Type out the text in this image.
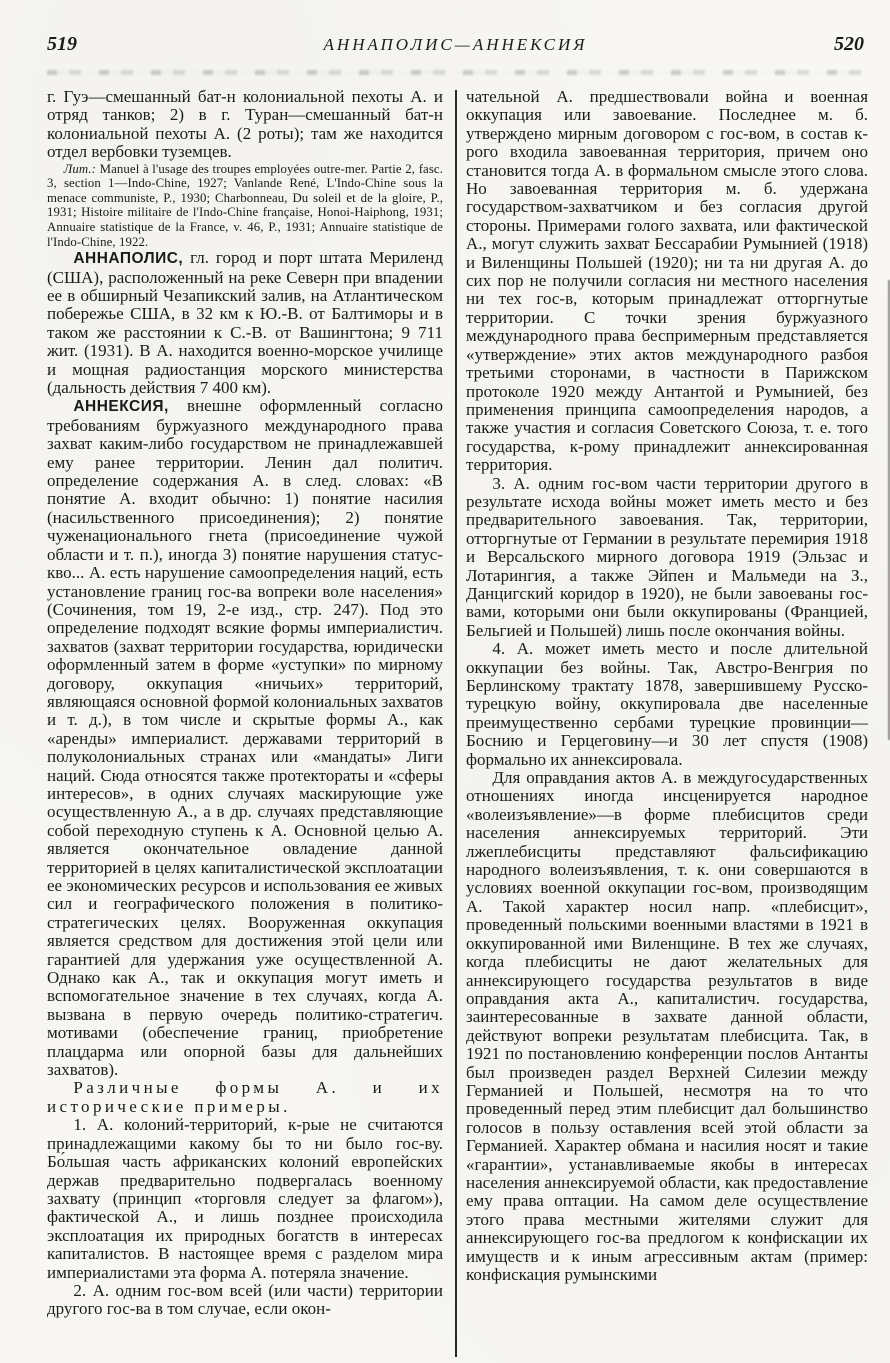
519	АННАПОЛИС—АННЕКСИЯ	520

г. Гуэ—смешанный бат-н колониальной пехоты А. и отряд танков; 2) в г. Туран—смешанный бат-н колониальной пехоты А. (2 роты); там же находится отдел вербовки туземцев.

Лит.: Manuel à l'usage des troupes employées outre-mer. Partie 2, fasc. 3, section 1—Indo-Chine, 1927; Vanlande René, L'Indo-Chine sous la menace communiste, P., 1930; Charbonneau, Du soleil et de la gloire, P., 1931; Histoire militaire de l'Indo-Chine française, Honoi-Haiphong, 1931; Annuaire statistique de la France, v. 46, P., 1931; Annuaire statistique de l'Indo-Chine, 1922.

АННАПОЛИС, гл. город и порт штата Мериленд (США), расположенный на реке Северн при впадении ее в обширный Чезапикский залив, на Атлантическом побережье США, в 32 км к Ю.-В. от Балтиморы и в таком же расстоянии к С.-В. от Вашингтона; 9 711 жит. (1931). В А. находится военно-морское училище и мощная радиостанция морского министерства (дальность действия 7 400 км).

АННЕКСИЯ, внешне оформленный согласно требованиям буржуазного международного права захват каким-либо государством не принадлежавшей ему ранее территории. Ленин дал политич. определение содержания А. в след. словах: «В понятие А. входит обычно: 1) понятие насилия (насильственного присоединения); 2) понятие чуженационального гнета (присоединение чужой области и т. п.), иногда 3) понятие нарушения статус-кво... А. есть нарушение самоопределения наций, есть установление границ гос-ва вопреки воле населения» (Сочинения, том 19, 2-е изд., стр. 247). Под это определение подходят всякие формы империалистич. захватов (захват территории государства, юридически оформленный затем в форме «уступки» по мирному договору, оккупация «ничьих» территорий, являющаяся основной формой колониальных захватов и т. д.), в том числе и скрытые формы А., как «аренды» империалист. державами территорий в полуколониальных странах или «мандаты» Лиги наций. Сюда относятся также протектораты и «сферы интересов», в одних случаях маскирующие уже осуществленную А., а в др. случаях представляющие собой переходную ступень к А. Основной целью А. является окончательное овладение данной территорией в целях капиталистической эксплоатации ее экономических ресурсов и использования ее живых сил и географического положения в политико-стратегических целях. Вооруженная оккупация является средством для достижения этой цели или гарантией для удержания уже осуществленной А. Однако как А., так и оккупация могут иметь и вспомогательное значение в тех случаях, когда А. вызвана в первую очередь политико-стратегич. мотивами (обеспечение границ, приобретение плацдарма или опорной базы для дальнейших захватов).

Различные формы А. и их исторические примеры.

1. А. колоний-территорий, к-рые не считаются принадлежащими какому бы то ни было гос-ву. Бо́льшая часть африканских колоний европейских держав предварительно подвергалась военному захвату (принцип «торговля следует за флагом»), фактической А., и лишь позднее происходила эксплоатация их природных богатств в интересах капиталистов. В настоящее время с разделом мира империалистами эта форма А. потеряла значение.

2. А. одним гос-вом всей (или части) территории другого гос-ва в том случае, если окон-

чательной А. предшествовали война и военная оккупация или завоевание. Последнее м. б. утверждено мирным договором с гос-вом, в состав к-рого входила завоеванная территория, причем оно становится тогда А. в формальном смысле этого слова. Но завоеванная территория м. б. удержана государством-захватчиком и без согласия другой стороны. Примерами голого захвата, или фактической А., могут служить захват Бессарабии Румынией (1918) и Виленщины Польшей (1920); ни та ни другая А. до сих пор не получили согласия ни местного населения ни тех гос-в, которым принадлежат отторгнутые территории. С точки зрения буржуазного международного права беспримерным представляется «утверждение» этих актов международного разбоя третьими сторонами, в частности в Парижском протоколе 1920 между Антантой и Румынией, без применения принципа самоопределения народов, а также участия и согласия Советского Союза, т. е. того государства, к-рому принадлежит аннексированная территория.

3. А. одним гос-вом части территории другого в результате исхода войны может иметь место и без предварительного завоевания. Так, территории, отторгнутые от Германии в результате перемирия 1918 и Версальского мирного договора 1919 (Эльзас и Лотарингия, а также Эйпен и Мальмеди на З., Данцигский коридор в 1920), не были завоеваны гос-вами, которыми они были оккупированы (Францией, Бельгией и Польшей) лишь после окончания войны.

4. А. может иметь место и после длительной оккупации без войны. Так, Австро-Венгрия по Берлинскому трактату 1878, завершившему Русско-турецкую войну, оккупировала две населенные преимущественно сербами турецкие провинции—Боснию и Герцеговину—и 30 лет спустя (1908) формально их аннексировала.

Для оправдания актов А. в междугосударственных отношениях иногда инсценируется народное «волеизъявление»—в форме плебисцитов среди населения аннексируемых территорий. Эти лжеплебисциты представляют фальсификацию народного волеизъявления, т. к. они совершаются в условиях военной оккупации гос-вом, производящим А. Такой характер носил напр. «плебисцит», проведенный польскими военными властями в 1921 в оккупированной ими Виленщине. В тех же случаях, когда плебисциты не дают желательных для аннексирующего государства результатов в виде оправдания акта А., капиталистич. государства, заинтересованные в захвате данной области, действуют вопреки результатам плебисцита. Так, в 1921 по постановлению конференции послов Антанты был произведен раздел Верхней Силезии между Германией и Польшей, несмотря на то что проведенный перед этим плебисцит дал большинство голосов в пользу оставления всей этой области за Германией. Характер обмана и насилия носят и такие «гарантии», устанавливаемые якобы в интересах населения аннексируемой области, как предоставление ему права оптации. На самом деле осуществление этого права местными жителями служит для аннексирующего гос-ва предлогом к конфискации их имуществ и к иным агрессивным актам (пример: конфискация румынскими
